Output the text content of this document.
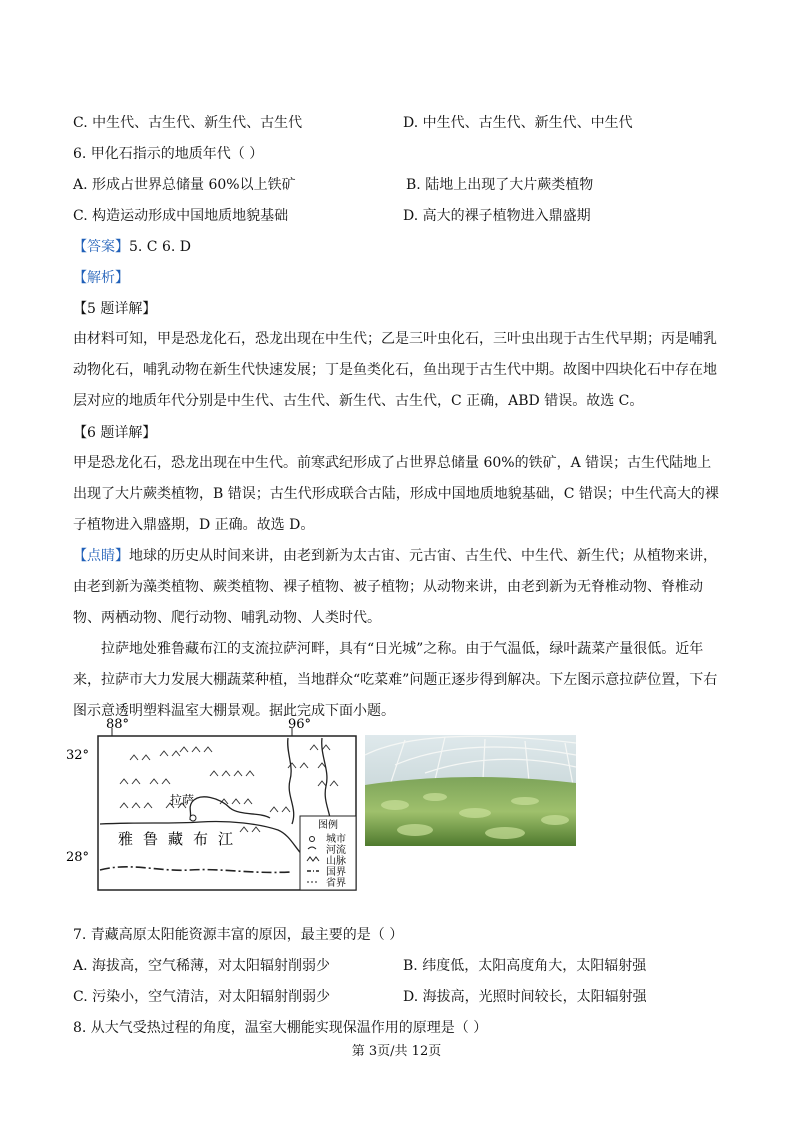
C. 中生代、古生代、新生代、古生代	D. 中生代、古生代、新生代、中生代
6. 甲化石指示的地质年代（ ）
A. 形成占世界总储量 60%以上铁矿	B. 陆地上出现了大片蕨类植物
C. 构造运动形成中国地质地貌基础	D. 高大的裸子植物进入鼎盛期
【答案】5. C 6. D
【解析】
【5 题详解】
由材料可知，甲是恐龙化石，恐龙出现在中生代；乙是三叶虫化石，三叶虫出现于古生代早期；丙是哺乳动物化石，哺乳动物在新生代快速发展；丁是鱼类化石，鱼出现于古生代中期。故图中四块化石中存在地层对应的地质年代分别是中生代、古生代、新生代、古生代，C 正确，ABD 错误。故选 C。
【6 题详解】
甲是恐龙化石，恐龙出现在中生代。前寒武纪形成了占世界总储量 60%的铁矿，A 错误；古生代陆地上出现了大片蕨类植物，B 错误；古生代形成联合古陆，形成中国地质地貌基础，C 错误；中生代高大的裸子植物进入鼎盛期，D 正确。故选 D。
【点睛】地球的历史从时间来讲，由老到新为太古宙、元古宙、古生代、中生代、新生代；从植物来讲，由老到新为藻类植物、蕨类植物、裸子植物、被子植物；从动物来讲，由老到新为无脊椎动物、脊椎动物、两栖动物、爬行动物、哺乳动物、人类时代。
拉萨地处雅鲁藏布江的支流拉萨河畔，具有“日光城”之称。由于气温低，绿叶蔬菜产量很低。近年来，拉萨市大力发展大棚蔬菜种植，当地群众“吃菜难”问题正逐步得到解决。下左图示意拉萨位置，下右图示意透明塑料温室大棚景观。据此完成下面小题。
88°	96°
32°
28°
拉萨
雅鲁藏布江
图例
城市
河流
山脉
国界
省界
7. 青藏高原太阳能资源丰富的原因，最主要的是（ ）
A. 海拔高，空气稀薄，对太阳辐射削弱少	B. 纬度低，太阳高度角大，太阳辐射强
C. 污染小，空气清洁，对太阳辐射削弱少	D. 海拔高，光照时间较长，太阳辐射强
8. 从大气受热过程的角度，温室大棚能实现保温作用的原理是（ ）
第 3页/共 12页
